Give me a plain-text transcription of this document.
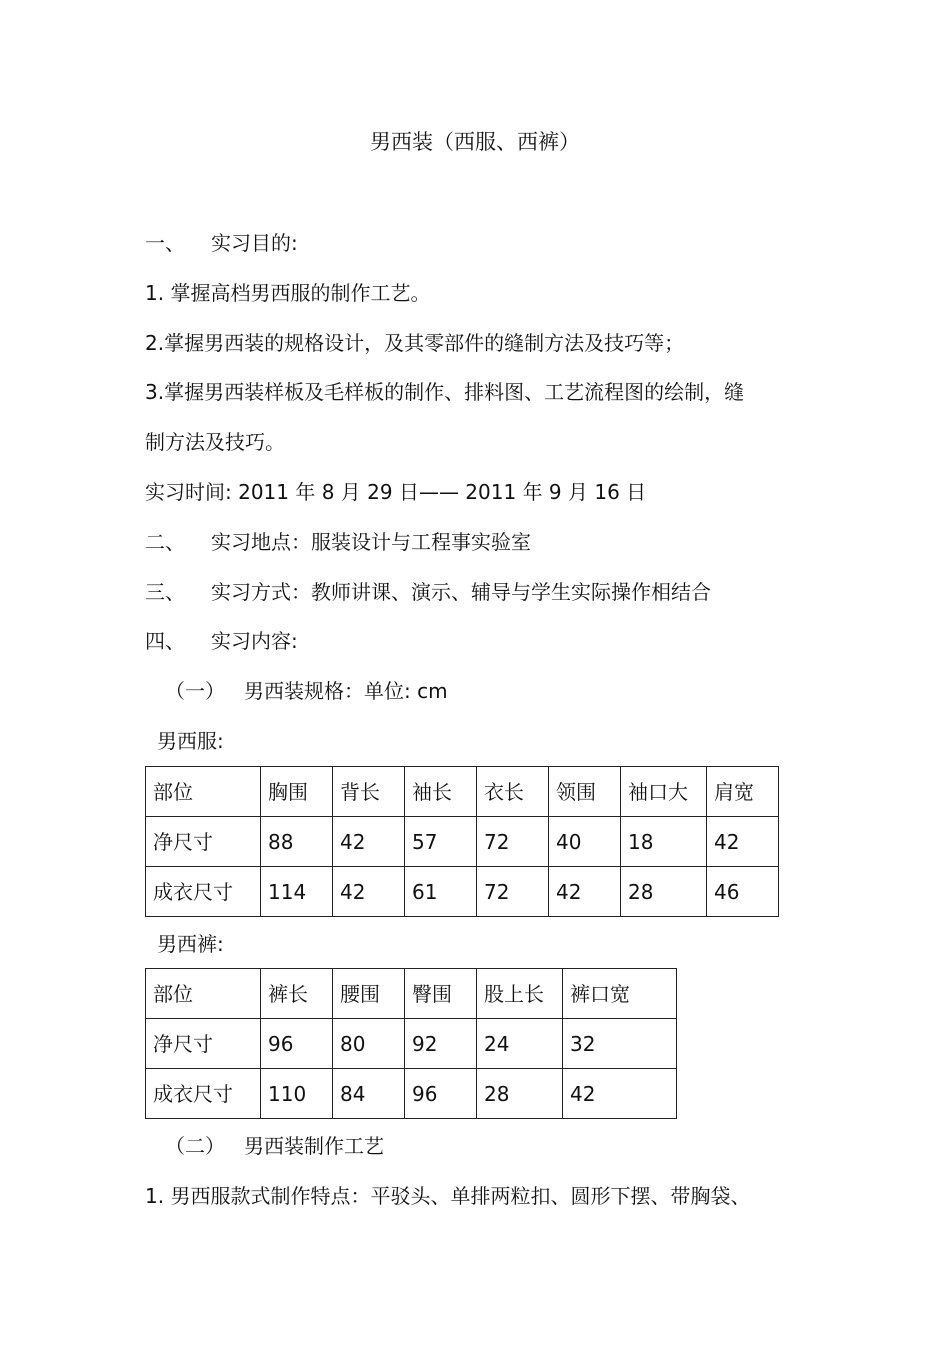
男西装（西服、西裤）
一、 实习目的:
1. 掌握高档男西服的制作工艺。
2.掌握男西装的规格设计，及其零部件的缝制方法及技巧等；
3.掌握男西装样板及毛样板的制作、排料图、工艺流程图的绘制，缝
制方法及技巧。
实习时间: 2011 年 8 月 29 日—— 2011 年 9 月 16 日
二、 实习地点：服装设计与工程事实验室
三、 实习方式：教师讲课、演示、辅导与学生实际操作相结合
四、 实习内容:
（一） 男西装规格：单位: cm
男西服:
部位	胸围	背长	袖长	衣长	领围	袖口大	肩宽
净尺寸	88	42	57	72	40	18	42
成衣尺寸	114	42	61	72	42	28	46
男西裤:
部位	裤长	腰围	臀围	股上长	裤口宽
净尺寸	96	80	92	24	32
成衣尺寸	110	84	96	28	42
（二） 男西装制作工艺
1. 男西服款式制作特点：平驳头、单排两粒扣、圆形下摆、带胸袋、
